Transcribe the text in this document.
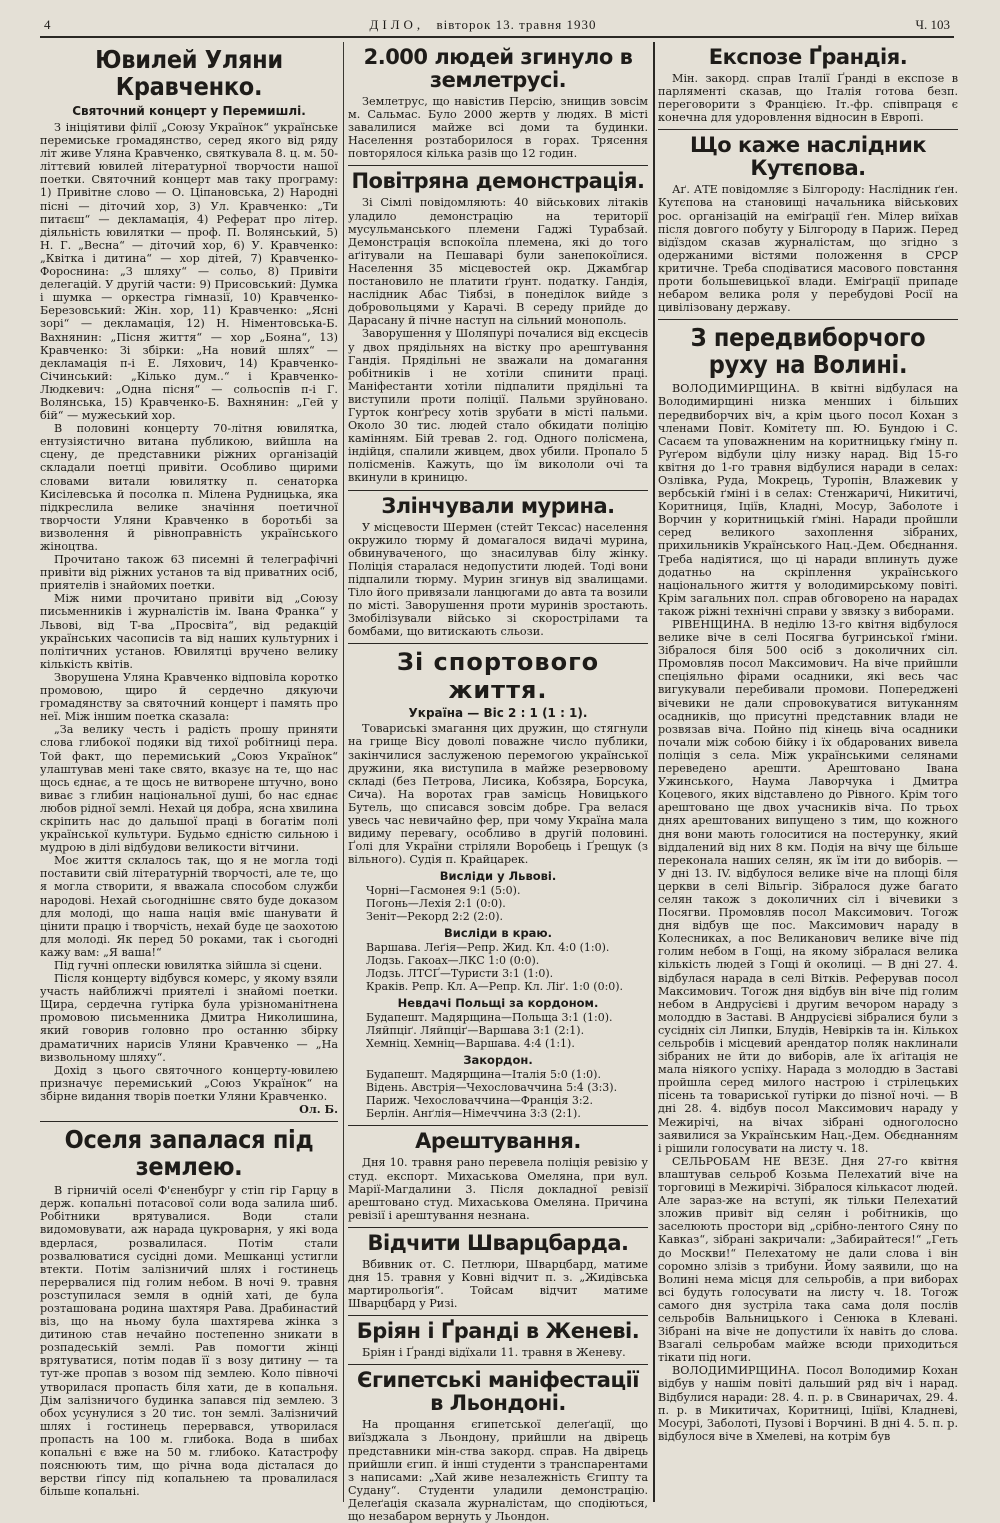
4	ДІЛО, вівторок 13. травня 1930	Ч. 103
Ювилей Уляни Кравченко.
Святочний концерт у Перемишлі.

З ініціятиви філії „Союзу Українок“ українське перемиське громадянство, серед якого від ряду літ живе Уляна Кравченко, святкувала 8. ц. м. 50-літтєвий ювилей літературної творчости нашої поетки. Святочний концерт мав таку програму: 1) Привітне слово — О. Ціпановська, 2) Народні пісні — діточий хор, 3) Ул. Кравченко: „Ти питаєш“ — декламація, 4) Реферат про літер. діяльність ювилятки — проф. П. Волянський, 5) Н. Г. „Весна“ — діточий хор, 6) У. Кравченко: „Квітка і дитина“ — хор дітей, 7) Кравченко-Фороснина: „З шляху“ — сольо, 8) Привіти делегацій. У другій части: 9) Присовський: Думка і шумка — оркестра гімназії, 10) Кравченко-Березовський: Жін. хор, 11) Кравченко: „Ясні зорі“ — декламація, 12) Н. Німентовська-Б. Вахнянин: „Пісня життя“ — хор „Бояна“, 13) Кравченко: Зі збірки: „На новий шлях“ — декламація п-і Е. Ляхович, 14) Кравченко-Січинський: „Кілько дум..“ і Кравченко-Людкевич: „Одна пісня“ — сольоспів п-і Г. Волянська, 15) Кравченко-Б. Вахнянин: „Гей у бій“ — мужеський хор.

В половині концерту 70-літня ювилятка, ентузіястично витана публикою, вийшла на сцену, де представники ріжних організацій складали поетці привіти. Особливо щирими словами витали ювилятку п. сенаторка Кисілевська й посолка п. Мілена Рудницька, яка підкреслила велике значіння поетичної творчости Уляни Кравченко в боротьбі за визволення й рівноправність українського жіноцтва.

Прочитано також 63 писемні й телеграфічні привіти від ріжних установ та від приватних осіб, приятелів і знайомих поетки.

Між ними прочитано привіти від „Союзу письменників і журналістів ім. Івана Франка“ у Львові, від Т-ва „Просвіта“, від редакцій українських часописів та від наших культурних і політичних установ. Ювилятці вручено велику кількість квітів.

Зворушена Уляна Кравченко відповіла коротко промовою, щиро й сердечно дякуючи громадянству за святочний концерт і память про неї. Між іншим поетка сказала:

„За велику честь і радість прошу приняти слова глибокої подяки від тихої робітниці пера. Той факт, що перемиський „Союз Українок“ улаштував мені таке свято, вказує на те, що нас щось єднає, а те щось не витворене штучно, воно виває з глибин національної душі, бо нас єднає любов рідної землі. Нехай ця добра, ясна хвилина скріпить нас до дальшої праці в богатім полі української культури. Будьмо єдністю сильною і мудрою в ділі відбудови великости вітчини.

Моє життя склалось так, що я не могла тоді поставити свій літературній творчості, але те, що я могла створити, я вважала способом служби народові. Нехай сьогоднішнє свято буде доказом для молоді, що наша нація вміє шанувати й цінити працю і творчість, нехай буде це заохотою для молоді. Як перед 50 роками, так і сьогодні кажу вам: „Я ваша!“

Під гучні оплески ювилятка зійшла зі сцени.

Після концерту відбувся комерс, у якому взяли участь найближчі приятелі і знайомі поетки. Щира, сердечна гутірка була урізноманітнена промовою письменника Дмитра Николишина, який говорив головно про останню збірку драматичних нарисів Уляни Кравченко — „На визвольному шляху“.

Дохід з цього святочного концерту-ювилею призначує перемиський „Союз Українок“ на збірне видання творів поетки Уляни Кравченко.

Ол. Б.

Оселя запалася під землею.

В гірничій оселі Ф'єненбург у стіп гір Гарцу в держ. копальні потасової соли вода залила шиб. Робітники врятувалися. Води стали видомовувати, аж нарада цукроварня, у які вода вдерлася, розвалилася. Потім стали розвалюватися сусідні доми. Мешканці устигли втекти. Потім залізничий шлях і гостинець перервалися під голим небом. В ночі 9. травня розступилася земля в одній хаті, де була розташована родина шахтяря Рава. Драбинастий віз, що на ньому була шахтярева жінка з дитиною став нечайно постепенно зникати в розпадеській землі. Рав помогти жінці врятуватися, потім подав її з возу дитину — та тут-же пропав з возом під землею. Коло півночі утворилася пропасть біля хати, де в копальня. Дім залізничого будинка запався під землею. З обох усунулися з 20 тис. тон землі. Залізничий шлях і гостинець перервався, утворилася пропасть на 100 м. глибока. Вода в шибах копальні є вже на 50 м. глибоко. Катастрофу пояснюють тим, що річна вода дісталася до верстви ґіпсу під копальнею та провалилася більше копальні.

2.000 людей згинуло в землетрусі.

Землетрус, що навістив Персію, знищив зовсім м. Сальмас. Було 2000 жертв у людях. В місті завалилися майже всі доми та будинки. Населення розтаборилося в горах. Трясення повторялося кілька разів що 12 годин.

Повітряна демонстрація.

Зі Сімлі повідомляють: 40 військових літаків уладило демонстрацію на території мусульманського племени Гаджі Турабзай. Демонстрація вспокоїла племена, які до того аґітували на Пешаварі були занепокоїлися. Населення 35 місцевостей окр. Джамбгар постановило не платити ґрунт. податку. Гандія, наслідник Абас Тіябзі, в понеділок вийде з добровольцями у Карачі. В середу прийде до Дарасану й пічне наступ на сільний монополь.

Заворушення у Шоляпурі почалися від ексцесів у двох прядільнях на вістку про арештування Гандія. Прядільні не зважали на домагання робітників і не хотіли спинити праці. Маніфестанти хотіли підпалити прядільні та виступили проти поліції. Пальми зруйновано. Гурток конґресу хотів зрубати в місті пальми. Около 30 тис. людей стало обкидати поліцію камінням. Бій тревав 2. год. Одного полісмена, індійця, спалили живцем, двох убили. Пропало 5 полісменів. Кажуть, що їм викололи очі та вкинули в криницю.

Злінчували мурина.

У місцевости Шермен (стейт Тексас) населення окружило тюрму й домагалося видачі мурина, обвинуваченого, що знасилував білу жінку. Поліція старалася недопустити людей. Тоді вони підпалили тюрму. Мурин згинув від звалищами. Тіло його привязали ланцюгами до авта та возили по місті. Заворушення проти муринів зростають. Змобілізували військо зі скорострілами та бомбами, що витискають сльози.

Зі спортового життя.
Україна — Віс 2 : 1 (1 : 1).

Товариські змагання цих дружин, що стягнули на грище Вісу доволі поважне число публики, закінчилися заслуженою перемогою української дружини, яка виступила в майже резервовому складі (без Петрова, Лисика, Кобзяра, Борсука, Сича). На воротах грав замісць Новицького Бутель, що списався зовсім добре. Гра велася увесь час невичайно фер, при чому Україна мала видиму перевагу, особливо в другій половині. Ґолі для України стріляли Воробець і Ґрещук (з вільного). Судія п. Крайцарек.

Висліди у Львові.
Чорні—Гасмонея 9:1 (5:0).
Погонь—Лехія 2:1 (0:0).
Зеніт—Рекорд 2:2 (2:0).
Висліди в краю.
Варшава. Леґія—Репр. Жид. Кл. 4:0 (1:0).
Лодзь. Гакоах—ЛКС 1:0 (0:0).
Лодзь. ЛТСҐ—Туристи 3:1 (1:0).
Краків. Репр. Кл. А—Репр. Кл. Ліґ. 1:0 (0:0).
Невдачі Польщі за кордоном.
Будапешт. Мадярщина—Польща 3:1 (1:0).
Ляйпціґ. Ляйпціґ—Варшава 3:1 (2:1).
Хемніц. Хемніц—Варшава. 4:4 (1:1).
Закордон.
Будапешт. Мадярщина—Італія 5:0 (1:0).
Відень. Австрія—Чехословаччина 5:4 (3:3).
Париж. Чехословаччина—Франція 3:2.
Берлін. Анґлія—Німеччина 3:3 (2:1).
Арештування.

Дня 10. травня рано перевела поліція ревізію у студ. експорт. Михаськова Омеляна, при вул. Марії-Магдалини 3. Після докладної ревізії арештовано студ. Михаськова Омеляна. Причина ревізії і арештування незнана.

Відчити Шварцбарда.

Вбивник от. С. Петлюри, Шварцбард, матиме дня 15. травня у Ковні відчит п. з. „Жидівська мартирольоґія“. Тойсам відчит матиме Шварцбард у Ризі.

Бріян і Ґранді в Женеві.

Бріян і Ґранді відїхали 11. травня в Женеву.

Єгипетські маніфестації в Льондоні.

На прощання єгипетської делеґації, що виїзджала з Льондону, прийшли на двірець представники мін-ства закорд. справ. На двірець прийшли єгип. й інші студенти з транспарентами з написами: „Хай живе незалежність Єгипту та Судану“. Студенти уладили демонстрацію. Делеґація сказала журналістам, що сподіються, що незабаром вернуть у Льондон.

Експозе Ґрандія.

Мін. закорд. справ Італії Ґранді в експозе в парляменті сказав, що Італія готова безп. переговорити з Францією. Іт.-фр. співпраця є конечна для удоровлення відносин в Европі.

Що каже наслідник Кутєпова.

Аґ. АТЕ повідомляє з Білгороду: Наслідник ґен. Кутєпова на становищі начальника військових рос. організацій на еміґрації ґен. Мілер виїхав після довгого побуту у Білгороду в Париж. Перед відїздом сказав журналістам, що згідно з одержаними вістями положення в СРСР критичне. Треба сподіватися масового повстання проти большевицької влади. Еміґрації припаде небаром велика роля у перебудові Росії на цивілізовану державу.

З передвиборчого руху на Волині.

ВОЛОДИМИРЩИНА. В квітні відбулася на Володимирщині низка менших і більших передвиборчих віч, а крім цього посол Кохан з членами Повіт. Комітету пп. Ю. Бундою і С. Сасаєм та уповажненим на коритницьку ґміну п. Руґером відбули цілу низку нарад. Від 15-го квітня до 1-го травня відбулися наради в селах: Озлівка, Руда, Мокрець, Туропін, Влажевик у вербській ґміні і в селах: Стенжаричі, Никитичі, Коритниця, Іціїв, Кладні, Мосур, Заболоте і Ворчин у коритницькій ґміні. Наради пройшли серед великого захоплення зібраних, прихильників Українського Нац.-Дем. Обєднання. Треба надіятися, що ці наради вплинуть дуже додатньо на скріплення українського національного життя у володимирському повіті. Крім загальних пол. справ обговорено на нарадах також ріжні технічні справи у звязку з виборами.

РІВЕНЩИНА. В неділю 13-го квітня відбулося велике віче в селі Посягва бугринської ґміни. Зібралося біля 500 осіб з доколичних сіл. Промовляв посол Максимович. На віче прийшли спеціяльно фірами осадники, які весь час вигукували перебивали промови. Попереджені вічевики не дали спровокуватися витуканням осадників, що присутні представник влади не розвязав віча. Пойно під кінець віча осадники почали між собою бійку і їх обдарованих вивела поліція з села. Між українськими селянами переведено арешти. Арештовано Івана Ужинського, Наума Лаворчука і Дмитра Коцевого, яких відставлено до Рівного. Крім того арештовано ще двох учасників віча. По трьох днях арештованих випущено з тим, що кожного дня вони мають голоситися на постерунку, який віддалений від них 8 км. Подія на вічу ще більше переконала наших селян, як їм іти до виборів. — У дні 13. IV. відбулося велике віче на площі біля церкви в селі Вільгір. Зібралося дуже багато селян також з доколичних сіл і вічевики з Посягви. Промовляв посол Максимович. Тогож дня відбув ще пос. Максимович нараду в Колесниках, а пос Великанович велике віче під голим небом в Гощі, на якому зібралася велика кількість людей з Гощі й околиці. — В дні 27. 4. відбулася нарада в селі Вітків. Реферував посол Максимович. Тогож дня відбув він віче під голим небом в Андрусієві і другим вечором нараду з молоддю в Заставі. В Андрусієві зібралися були з сусідніх сіл Липки, Блудів, Невірків та ін. Кількох сельробів і місцевий арендатор поляк наклинали зібраних не йти до виборів, але їх аґітація не мала ніякого успіху. Нарада з молоддю в Заставі пройшла серед милого настрою і стрілецьких пісень та товариської гутірки до пізної ночі. — В дні 28. 4. відбув посол Максимович нараду у Межирічі, на вічах зібрані одноголосно заявилися за Українським Нац.-Дем. Обєднанням і рішили голосувати на листу ч. 18.

СЕЛЬРОБАМ НЕ ВЕЗЕ. Дня 27-го квітня влаштував сельроб Козьма Пелехатий віче на торговиці в Межирічі. Зібралося кількасот людей. Але зараз-же на вступі, як тільки Пелехатий зложив привіт від селян і робітників, що заселюють простори від „срібно-лентого Сяну по Кавказ“, зібрані закричали: „Забирайтеся!“ „Геть до Москви!“ Пелехатому не дали слова і він соромно злізів з трибуни. Йому заявили, що на Волині нема місця для сельробів, а при виборах всі будуть голосувати на листу ч. 18. Тогож самого дня зустріла така сама доля послів сельробів Вальницького і Сенюка в Клевані. Зібрані на віче не допустили їх навіть до слова. Взагалі сельробам майже всюди приходиться тікати під ноги.

ВОЛОДИМИРЩИНА. Посол Володимир Кохан відбув у нашім повіті дальший ряд віч і нарад. Відбулися наради: 28. 4. п. р. в Свинаричах, 29. 4. п. р. в Микитичах, Коритниці, Іціїві, Кладневі, Мосурі, Заболоті, Пузові і Ворчині. В дні 4. 5. п. р. відбулося віче в Хмелеві, на котрім був
